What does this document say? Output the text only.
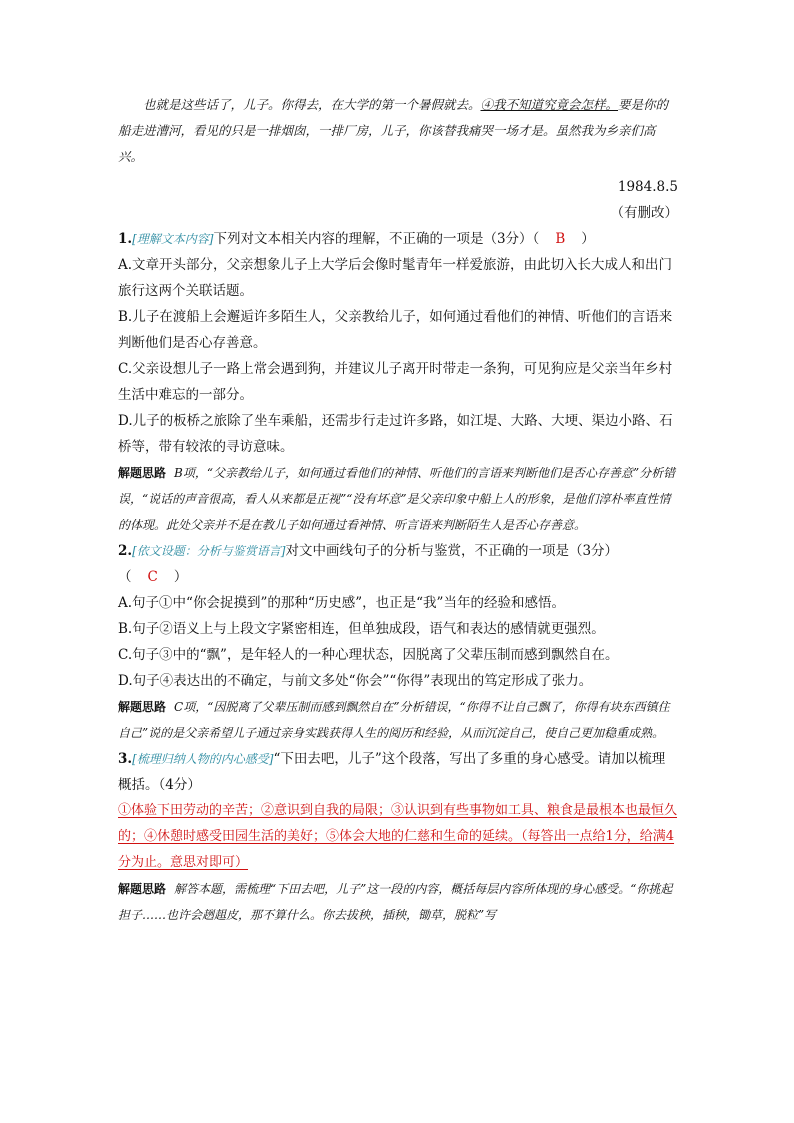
也就是这些话了，儿子。你得去，在大学的第一个暑假就去。④我不知道究竟会怎样。要是你的船走进漕河，看见的只是一排烟囱，一排厂房，儿子，你该替我痛哭一场才是。虽然我为乡亲们高兴。

1984.8.5

（有删改）

1.[理解文本内容]下列对文本相关内容的理解，不正确的一项是（3分）（ B ）

A.文章开头部分，父亲想象儿子上大学后会像时髦青年一样爱旅游，由此切入长大成人和出门旅行这两个关联话题。

B.儿子在渡船上会邂逅许多陌生人，父亲教给儿子，如何通过看他们的神情、听他们的言语来判断他们是否心存善意。

C.父亲设想儿子一路上常会遇到狗，并建议儿子离开时带走一条狗，可见狗应是父亲当年乡村生活中难忘的一部分。

D.儿子的板桥之旅除了坐车乘船，还需步行走过许多路，如江堤、大路、大埂、渠边小路、石桥等，带有较浓的寻访意味。

解题思路 B项，“父亲教给儿子，如何通过看他们的神情、听他们的言语来判断他们是否心存善意”分析错误，“说话的声音很高，看人从来都是正视”“没有坏意”是父亲印象中船上人的形象，是他们淳朴率直性情的体现。此处父亲并不是在教儿子如何通过看神情、听言语来判断陌生人是否心存善意。

2.[依文设题：分析与鉴赏语言]对文中画线句子的分析与鉴赏，不正确的一项是（3分）

（ C ）

A.句子①中“你会捉摸到”的那种“历史感”，也正是“我”当年的经验和感悟。

B.句子②语义上与上段文字紧密相连，但单独成段，语气和表达的感情就更强烈。

C.句子③中的“飘”，是年轻人的一种心理状态，因脱离了父辈压制而感到飘然自在。

D.句子④表达出的不确定，与前文多处“你会”“你得”表现出的笃定形成了张力。

解题思路 C项，“因脱离了父辈压制而感到飘然自在”分析错误，“你得不让自己飘了，你得有块东西镇住自己”说的是父亲希望儿子通过亲身实践获得人生的阅历和经验，从而沉淀自己，使自己更加稳重成熟。

3.[梳理归纳人物的内心感受]“下田去吧，儿子”这个段落，写出了多重的身心感受。请加以梳理概括。（4分）

①体验下田劳动的辛苦；②意识到自我的局限；③认识到有些事物如工具、粮食是最根本也最恒久的；④休憩时感受田园生活的美好；⑤体会大地的仁慈和生命的延续。（每答出一点给1分，给满4分为止。意思对即可）

解题思路 解答本题，需梳理“下田去吧，儿子”这一段的内容，概括每层内容所体现的身心感受。“你挑起担子……也许会趔趄皮，那不算什么。你去拔秧，插秧，锄草，脱粒”写
